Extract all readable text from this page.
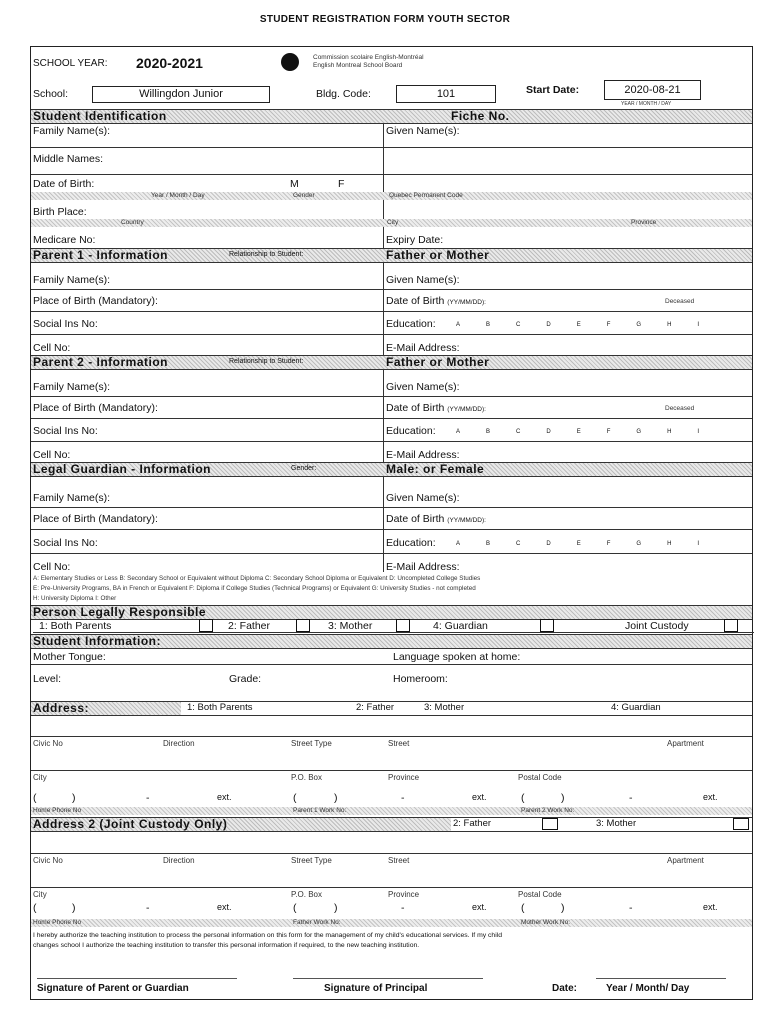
STUDENT REGISTRATION FORM YOUTH SECTOR
SCHOOL YEAR: 2020-2021	Commission scolaire English-Montréal
English Montreal School Board
School:	Willingdon Junior	Bldg. Code:	101	Start Date:	2020-08-21
YEAR / MONTH / DAY
Student Identification	Fiche No.
Family Name(s):	Given Name(s):
Middle Names:
Date of Birth:	M	F
Year / Month / Day	Gender	Quebec Permanent Code
Birth Place:
Country	City	Province
Medicare No:	Expiry Date:
Parent 1 - Information	Relationship to Student:	Father or Mother
Family Name(s):	Given Name(s):
Place of Birth (Mandatory):	Date of Birth (YY/MM/DD):	Deceased
Social Ins No:	Education:	A	B	C	D	E	F	G	H	I
Cell No:	E-Mail Address:
Parent 2 - Information	Relationship to Student:	Father or Mother
Family Name(s):	Given Name(s):
Place of Birth (Mandatory):	Date of Birth (YY/MM/DD):	Deceased
Social Ins No:	Education:	A	B	C	D	E	F	G	H	I
Cell No:	E-Mail Address:
Legal Guardian - Information	Gender:	Male: or Female
Family Name(s):	Given Name(s):
Place of Birth (Mandatory):	Date of Birth (YY/MM/DD):
Social Ins No:	Education:	A	B	C	D	E	F	G	H	I
Cell No:	E-Mail Address:
A: Elementary Studies or Less B: Secondary School or Equivalent without Diploma C: Secondary School Diploma or Equivalent D: Uncompleted College Studies
E: Pre-University Programs, BA in French or Equivalent F: Diploma if College Studies (Technical Programs) or Equivalent G: University Studies - not completed
H: University Diploma I: Other
Person Legally Responsible
1: Both Parents	2: Father	3: Mother	4: Guardian	Joint Custody
Student Information:
Mother Tongue:	Language spoken at home:
Level:	Grade:	Homeroom:
Address:	1: Both Parents	2: Father	3: Mother	4: Guardian
Civic No	Direction	Street Type	Street	Apartment
City	P.O. Box	Province	Postal Code
(	)	-	ext.	(	)	-	ext.	(	)	-	ext.
Home Phone No	Parent 1 Work No:	Parent 2 Work No:
Address 2 (Joint Custody Only)	2: Father	3: Mother
Civic No	Direction	Street Type	Street	Apartment
City	P.O. Box	Province	Postal Code
(	)	-	ext.	(	)	-	ext.	(	)	-	ext.
Home Phone No	Father Work No:	Mother Work No:
I hereby authorize the teaching institution to process the personal information on this form for the management of my child's educational services. If my child
changes school I authorize the teaching institution to transfer this personal information if required, to the new teaching institution.
Signature of Parent or Guardian	Signature of Principal	Date:	Year / Month/ Day
